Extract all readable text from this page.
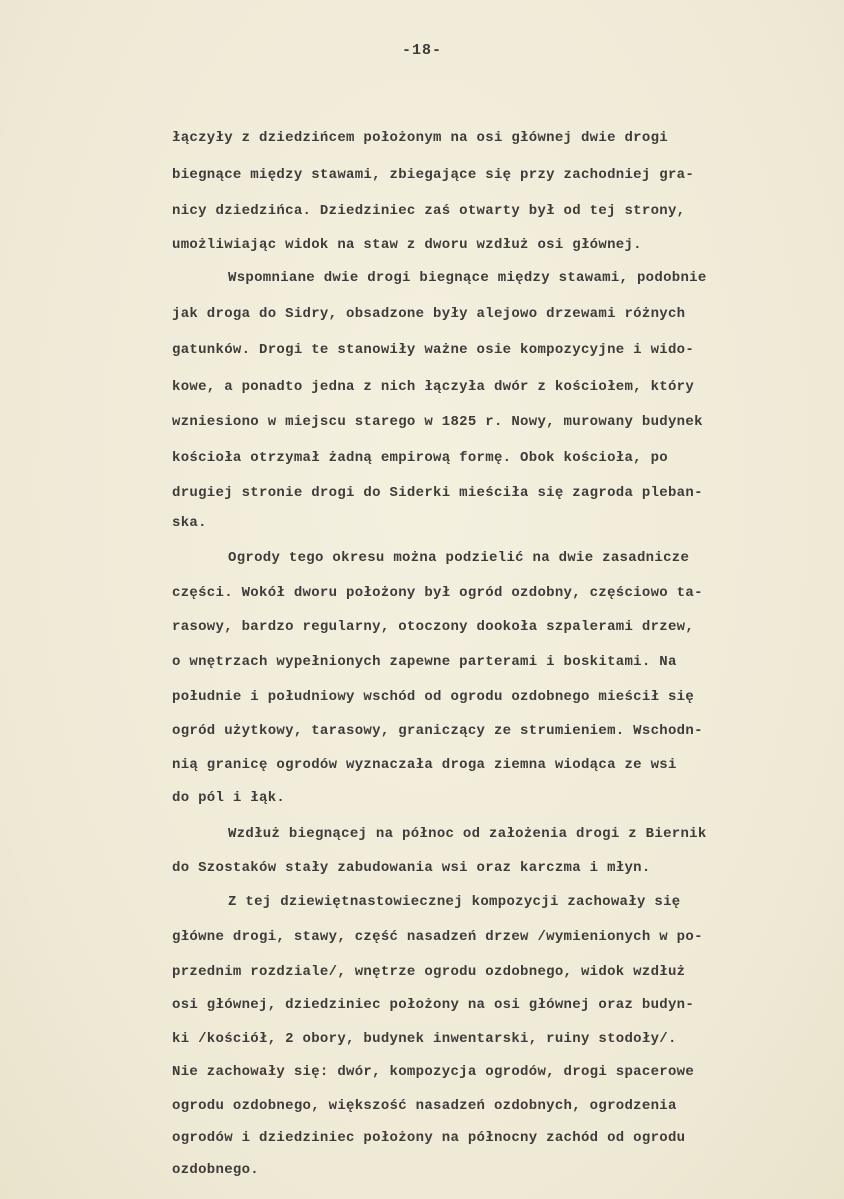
-18-
łączyły z dziedzińcem położonym na osi głównej dwie drogi
biegnące między stawami, zbiegające się przy zachodniej gra-
nicy dziedzińca. Dziedziniec zaś otwarty był od tej strony,
umożliwiając widok na staw z dworu wzdłuż osi głównej.
Wspomniane dwie drogi biegnące między stawami, podobnie
jak droga do Sidry, obsadzone były alejowo drzewami różnych
gatunków. Drogi te stanowiły ważne osie kompozycyjne i wido-
kowe, a ponadto jedna z nich łączyła dwór z kościołem, który
wzniesiono w miejscu starego w 1825 r. Nowy, murowany budynek
kościoła otrzymał żadną empirową formę. Obok kościoła, po
drugiej stronie drogi do Siderki mieściła się zagroda pleban-
ska.
Ogrody tego okresu można podzielić na dwie zasadnicze
części. Wokół dworu położony był ogród ozdobny, częściowo ta-
rasowy, bardzo regularny, otoczony dookoła szpalerami drzew,
o wnętrzach wypełnionych zapewne parterami i boskitami. Na
południe i południowy wschód od ogrodu ozdobnego mieścił się
ogród użytkowy, tarasowy, graniczący ze strumieniem. Wschodn-
nią granicę ogrodów wyznaczała droga ziemna wiodąca ze wsi
do pól i łąk.
Wzdłuż biegnącej na północ od założenia drogi z Biernik
do Szostaków stały zabudowania wsi oraz karczma i młyn.
Z tej dziewiętnastowiecznej kompozycji zachowały się
główne drogi, stawy, część nasadzeń drzew /wymienionych w po-
przednim rozdziale/, wnętrze ogrodu ozdobnego, widok wzdłuż
osi głównej, dziedziniec położony na osi głównej oraz budyn-
ki /kościół, 2 obory, budynek inwentarski, ruiny stodoły/.
Nie zachowały się: dwór, kompozycja ogrodów, drogi spacerowe
ogrodu ozdobnego, większość nasadzeń ozdobnych, ogrodzenia
ogrodów i dziedziniec położony na północny zachód od ogrodu
ozdobnego.
